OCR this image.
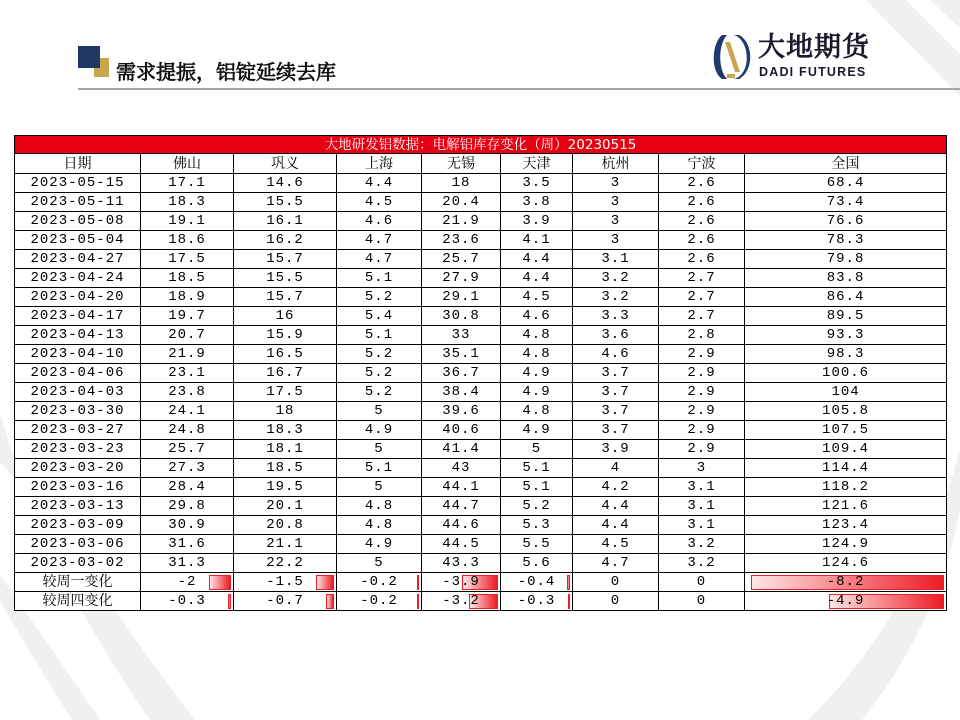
需求提振，铝锭延续去库
大地期货
DADI FUTURES
大地研发铝数据：电解铝库存变化（周）20230515								
日期	佛山	巩义	上海	无锡	天津	杭州	宁波	全国
2023-05-15	17.1	14.6	4.4	18	3.5	3	2.6	68.4
2023-05-11	18.3	15.5	4.5	20.4	3.8	3	2.6	73.4
2023-05-08	19.1	16.1	4.6	21.9	3.9	3	2.6	76.6
2023-05-04	18.6	16.2	4.7	23.6	4.1	3	2.6	78.3
2023-04-27	17.5	15.7	4.7	25.7	4.4	3.1	2.6	79.8
2023-04-24	18.5	15.5	5.1	27.9	4.4	3.2	2.7	83.8
2023-04-20	18.9	15.7	5.2	29.1	4.5	3.2	2.7	86.4
2023-04-17	19.7	16	5.4	30.8	4.6	3.3	2.7	89.5
2023-04-13	20.7	15.9	5.1	33	4.8	3.6	2.8	93.3
2023-04-10	21.9	16.5	5.2	35.1	4.8	4.6	2.9	98.3
2023-04-06	23.1	16.7	5.2	36.7	4.9	3.7	2.9	100.6
2023-04-03	23.8	17.5	5.2	38.4	4.9	3.7	2.9	104
2023-03-30	24.1	18	5	39.6	4.8	3.7	2.9	105.8
2023-03-27	24.8	18.3	4.9	40.6	4.9	3.7	2.9	107.5
2023-03-23	25.7	18.1	5	41.4	5	3.9	2.9	109.4
2023-03-20	27.3	18.5	5.1	43	5.1	4	3	114.4
2023-03-16	28.4	19.5	5	44.1	5.1	4.2	3.1	118.2
2023-03-13	29.8	20.1	4.8	44.7	5.2	4.4	3.1	121.6
2023-03-09	30.9	20.8	4.8	44.6	5.3	4.4	3.1	123.4
2023-03-06	31.6	21.1	4.9	44.5	5.5	4.5	3.2	124.9
2023-03-02	31.3	22.2	5	43.3	5.6	4.7	3.2	124.6
较周一变化	-2	-1.5	-0.2	-3.9	-0.4	0	0	-8.2

较周四变化	-0.3	-0.7	-0.2	-3.2	-0.3	0	0	-4.9
